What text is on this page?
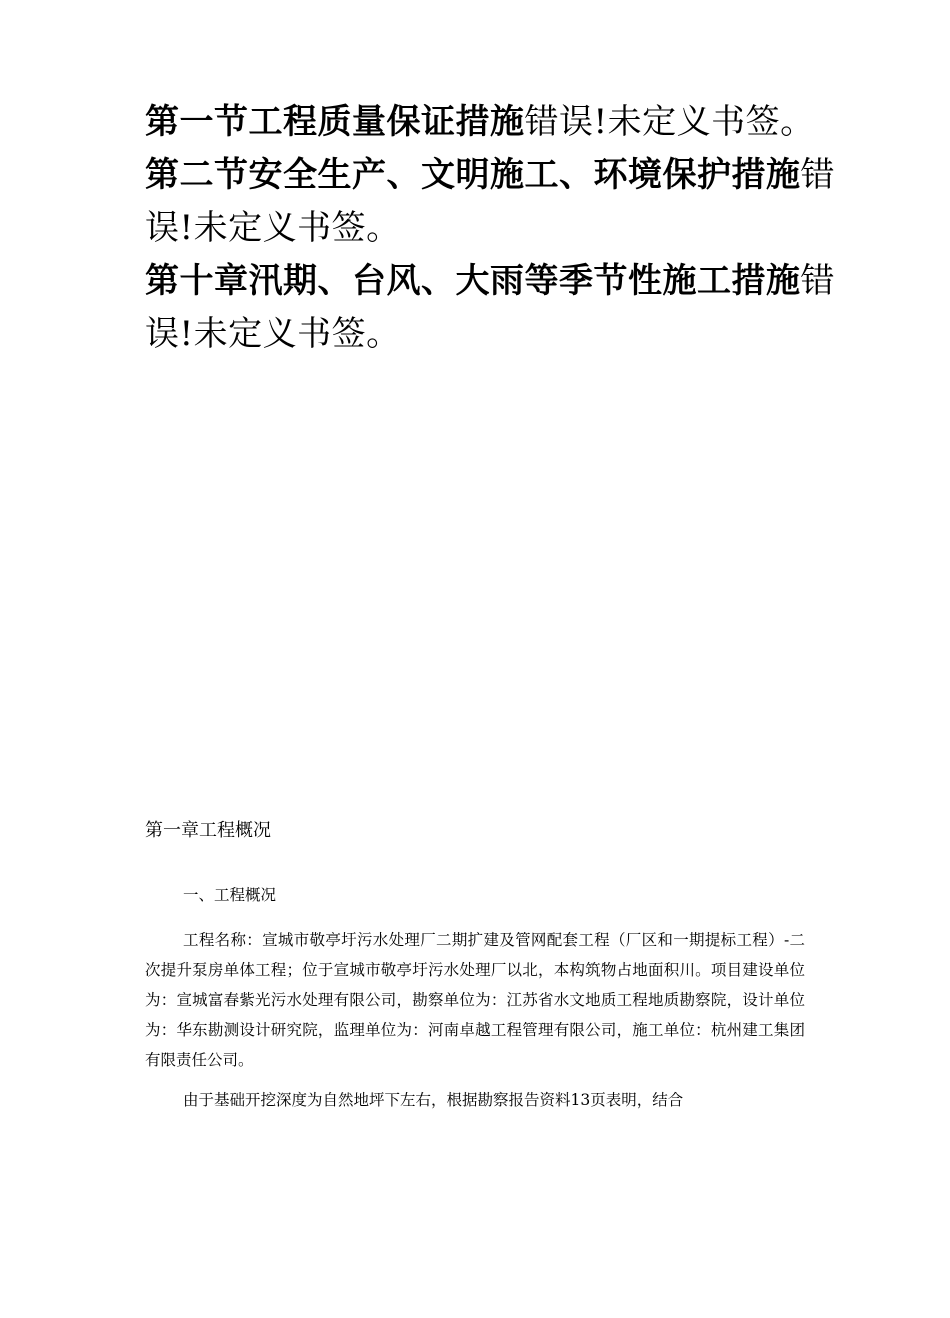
第一节工程质量保证措施错误!未定义书签。

第二节安全生产、文明施工、环境保护措施错误!未定义书签。

第十章汛期、台风、大雨等季节性施工措施错误!未定义书签。

第一章工程概况
一、工程概况

工程名称：宣城市敬亭圩污水处理厂二期扩建及管网配套工程（厂区和一期提标工程）-二次提升泵房单体工程；位于宣城市敬亭圩污水处理厂以北，本构筑物占地面积川。项目建设单位为：宣城富春紫光污水处理有限公司，勘察单位为：江苏省水文地质工程地质勘察院，设计单位为：华东勘测设计研究院，监理单位为：河南卓越工程管理有限公司，施工单位：杭州建工集团有限责任公司。

由于基础开挖深度为自然地坪下左右，根据勘察报告资料13页表明，结合
